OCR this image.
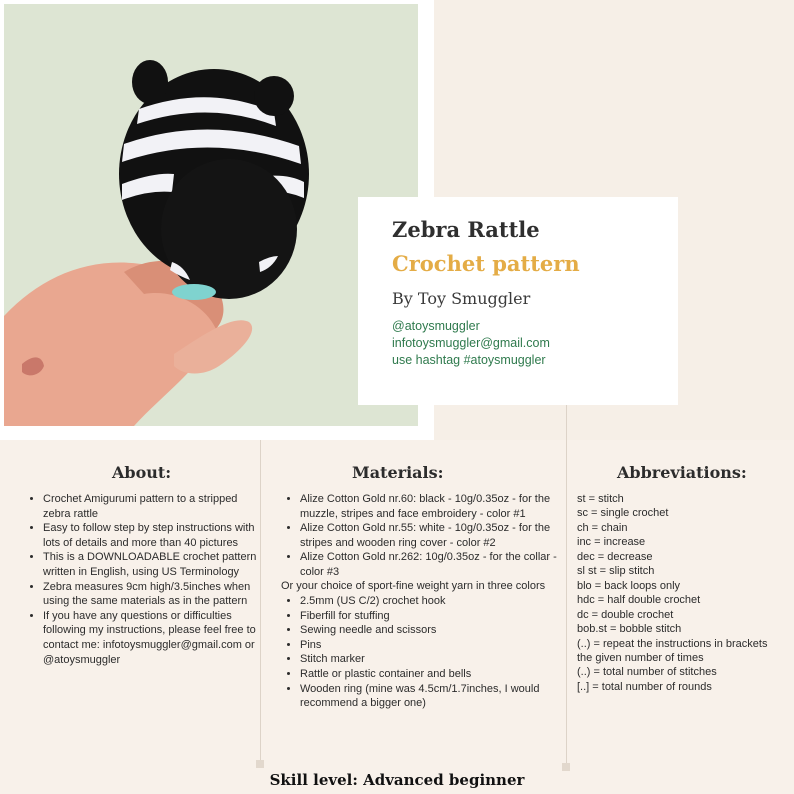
Zebra Rattle
Crochet pattern
By Toy Smuggler
@atoysmuggler
infotoysmuggler@gmail.com
use hashtag #atoysmuggler
About:
• Crochet Amigurumi pattern to a stripped zebra rattle
• Easy to follow step by step instructions with lots of details and more than 40 pictures
• This is a DOWNLOADABLE crochet pattern written in English, using US Terminology
• Zebra measures 9cm high/3.5inches when using the same materials as in the pattern
• If you have any questions or difficulties following my instructions, please feel free to contact me: infotoysmuggler@gmail.com or @atoysmuggler
Materials:
• Alize Cotton Gold nr.60: black - 10g/0.35oz - for the muzzle, stripes and face embroidery - color #1
• Alize Cotton Gold nr.55: white - 10g/0.35oz - for the stripes and wooden ring cover - color #2
• Alize Cotton Gold nr.262: 10g/0.35oz - for the collar - color #3
Or your choice of sport-fine weight yarn in three colors
• 2.5mm (US C/2) crochet hook
• Fiberfill for stuffing
• Sewing needle and scissors
• Pins
• Stitch marker
• Rattle or plastic container and bells
• Wooden ring (mine was 4.5cm/1.7inches, I would recommend a bigger one)
Abbreviations:
st = stitch
sc = single crochet
ch = chain
inc = increase
dec = decrease
sl st = slip stitch
blo = back loops only
hdc = half double crochet
dc = double crochet
bob.st = bobble stitch
(..) = repeat the instructions in brackets
the given number of times
(..) = total number of stitches
[..] = total number of rounds
Skill level: Advanced beginner
